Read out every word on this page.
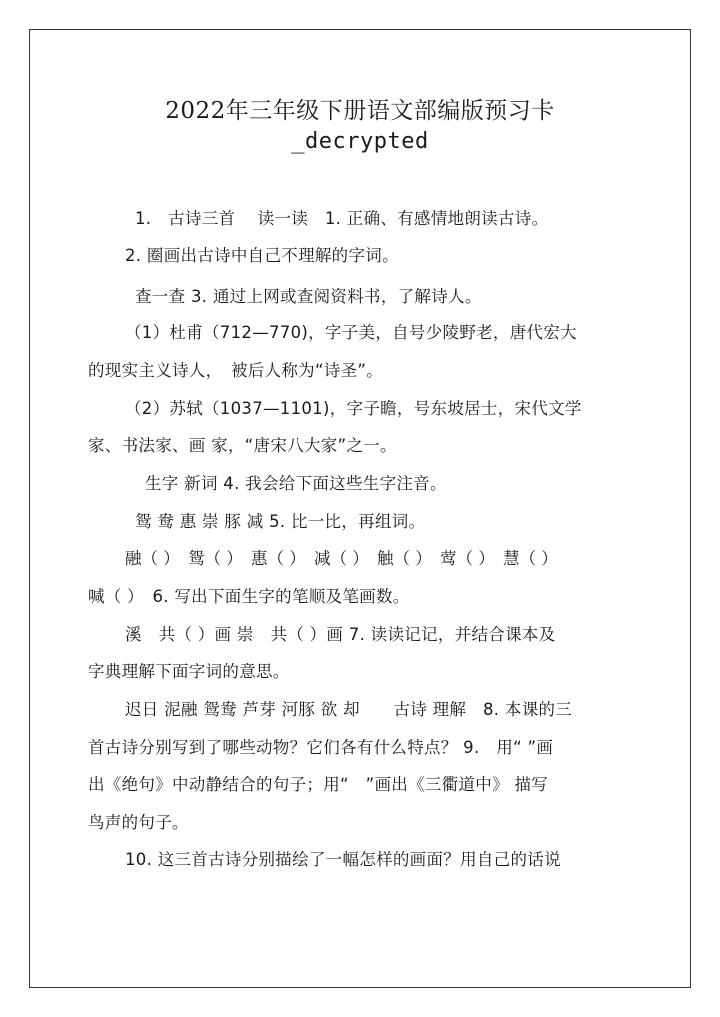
2022年三年级下册语文部编版预习卡
_decrypted
1.　古诗三首　 读一读　1. 正确、有感情地朗读古诗。
2. 圈画出古诗中自己不理解的字词。
查一查 3. 通过上网或查阅资料书，了解诗人。
（1）杜甫（712—770)，字子美，自号少陵野老，唐代宏大
的现实主义诗人，　被后人称为“诗圣”。
（2）苏轼（1037—1101)，字子瞻，号东坡居士，宋代文学
家、书法家、画 家，“唐宋八大家”之一。
生字 新词 4. 我会给下面这些生字注音。
鸳 鸯 惠 崇 豚 减 5. 比一比，再组词。
融（ ）　鸳（ ）　惠（ ）　减（ ）　触（ ）　莺（ ）　慧（ ）
喊（ ）　6. 写出下面生字的笔顺及笔画数。
溪　共（ ）画 崇　共（ ）画 7. 读读记记，并结合课本及
字典理解下面字词的意思。
迟日 泥融 鸳鸯 芦芽 河豚 欲 却　　古诗 理解　8. 本课的三
首古诗分别写到了哪些动物？它们各有什么特点？ 9.　用“ ”画
出《绝句》中动静结合的句子；用“　”画出《三衢道中》 描写
鸟声的句子。
10. 这三首古诗分别描绘了一幅怎样的画面？用自己的话说
